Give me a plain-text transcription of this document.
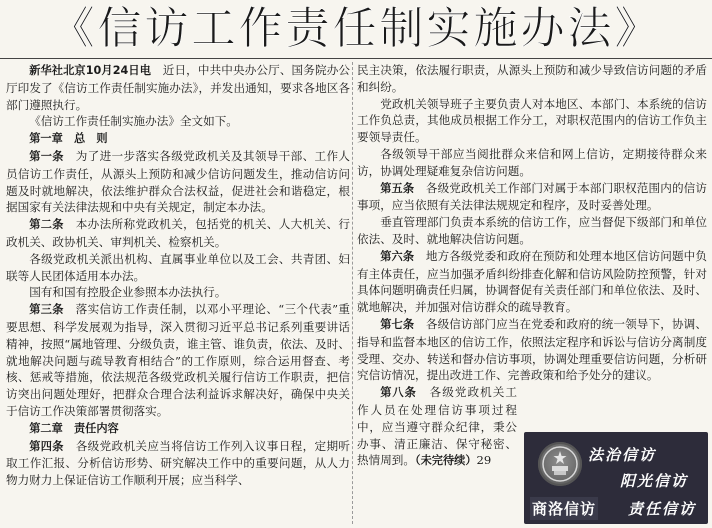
《信访工作责任制实施办法》

新华社北京10月24日电　近日，中共中央办公厅、国务院办公厅印发了《信访工作责任制实施办法》，并发出通知，要求各地区各部门遵照执行。

《信访工作责任制实施办法》全文如下。

第一章　总　则

第一条　为了进一步落实各级党政机关及其领导干部、工作人员信访工作责任，从源头上预防和减少信访问题发生，推动信访问题及时就地解决，依法维护群众合法权益，促进社会和谐稳定，根据国家有关法律法规和中央有关规定，制定本办法。

第二条　本办法所称党政机关，包括党的机关、人大机关、行政机关、政协机关、审判机关、检察机关。

各级党政机关派出机构、直属事业单位以及工会、共青团、妇联等人民团体适用本办法。

国有和国有控股企业参照本办法执行。

第三条　落实信访工作责任制，以邓小平理论、“三个代表”重要思想、科学发展观为指导，深入贯彻习近平总书记系列重要讲话精神，按照“属地管理、分级负责，谁主管、谁负责，依法、及时、就地解决问题与疏导教育相结合”的工作原则，综合运用督查、考核、惩戒等措施，依法规范各级党政机关履行信访工作职责，把信访突出问题处理好，把群众合理合法利益诉求解决好，确保中央关于信访工作决策部署贯彻落实。

第二章　责任内容

第四条　各级党政机关应当将信访工作列入议事日程，定期听取工作汇报、分析信访形势、研究解决工作中的重要问题，从人力物力财力上保证信访工作顺利开展；应当科学、

民主决策，依法履行职责，从源头上预防和减少导致信访问题的矛盾和纠纷。

党政机关领导班子主要负责人对本地区、本部门、本系统的信访工作负总责，其他成员根据工作分工，对职权范围内的信访工作负主要领导责任。

各级领导干部应当阅批群众来信和网上信访，定期接待群众来访，协调处理疑难复杂信访问题。

第五条　各级党政机关工作部门对属于本部门职权范围内的信访事项，应当依照有关法律法规规定和程序，及时妥善处理。

垂直管理部门负责本系统的信访工作，应当督促下级部门和单位依法、及时、就地解决信访问题。

第六条　地方各级党委和政府在预防和处理本地区信访问题中负有主体责任，应当加强矛盾纠纷排查化解和信访风险防控预警，针对具体问题明确责任归属，协调督促有关责任部门和单位依法、及时、就地解决，并加强对信访群众的疏导教育。

第七条　各级信访部门应当在党委和政府的统一领导下，协调、指导和监督本地区的信访工作，依照法定程序和诉讼与信访分离制度受理、交办、转送和督办信访事项，协调处理重要信访问题，分析研究信访情况，提出改进工作、完善政策和给予处分的建议。

第八条　各级党政机关工作人员在处理信访事项过程中，应当遵守群众纪律，秉公办事、清正廉洁、保守秘密、热情周到。（未完待续）29	法治信访
阳光信访
责任信访
商洛信访
